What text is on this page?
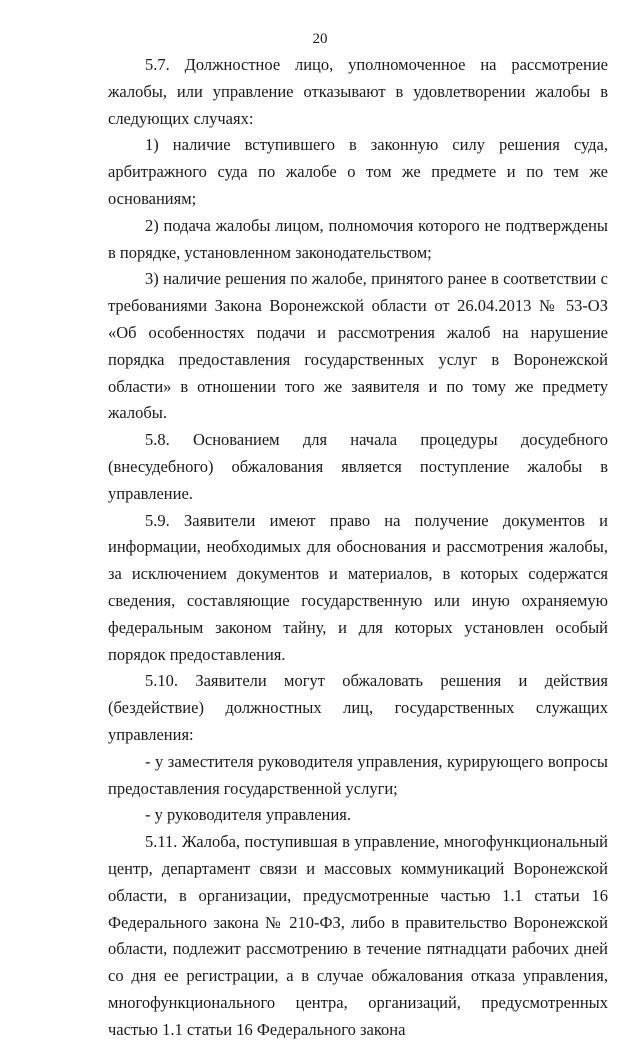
20

5.7. Должностное лицо, уполномоченное на рассмотрение жалобы, или управление отказывают в удовлетворении жалобы в следующих случаях:

1) наличие вступившего в законную силу решения суда, арбитражного суда по жалобе о том же предмете и по тем же основаниям;

2) подача жалобы лицом, полномочия которого не подтверждены в порядке, установленном законодательством;

3) наличие решения по жалобе, принятого ранее в соответствии с требованиями Закона Воронежской области от 26.04.2013 № 53-ОЗ «Об особенностях подачи и рассмотрения жалоб на нарушение порядка предоставления государственных услуг в Воронежской области» в отношении того же заявителя и по тому же предмету жалобы.

5.8. Основанием для начала процедуры досудебного (внесудебного) обжалования является поступление жалобы в управление.

5.9. Заявители имеют право на получение документов и информации, необходимых для обоснования и рассмотрения жалобы, за исключением документов и материалов, в которых содержатся сведения, составляющие государственную или иную охраняемую федеральным законом тайну, и для которых установлен особый порядок предоставления.

5.10. Заявители могут обжаловать решения и действия (бездействие) должностных лиц, государственных служащих управления:

- у заместителя руководителя управления, курирующего вопросы предоставления государственной услуги;

- у руководителя управления.

5.11. Жалоба, поступившая в управление, многофункциональный центр, департамент связи и массовых коммуникаций Воронежской области, в организации, предусмотренные частью 1.1 статьи 16 Федерального закона № 210-ФЗ, либо в правительство Воронежской области, подлежит рассмотрению в течение пятнадцати рабочих дней со дня ее регистрации, а в случае обжалования отказа управления, многофункционального центра, организаций, предусмотренных частью 1.1 статьи 16 Федерального закона
